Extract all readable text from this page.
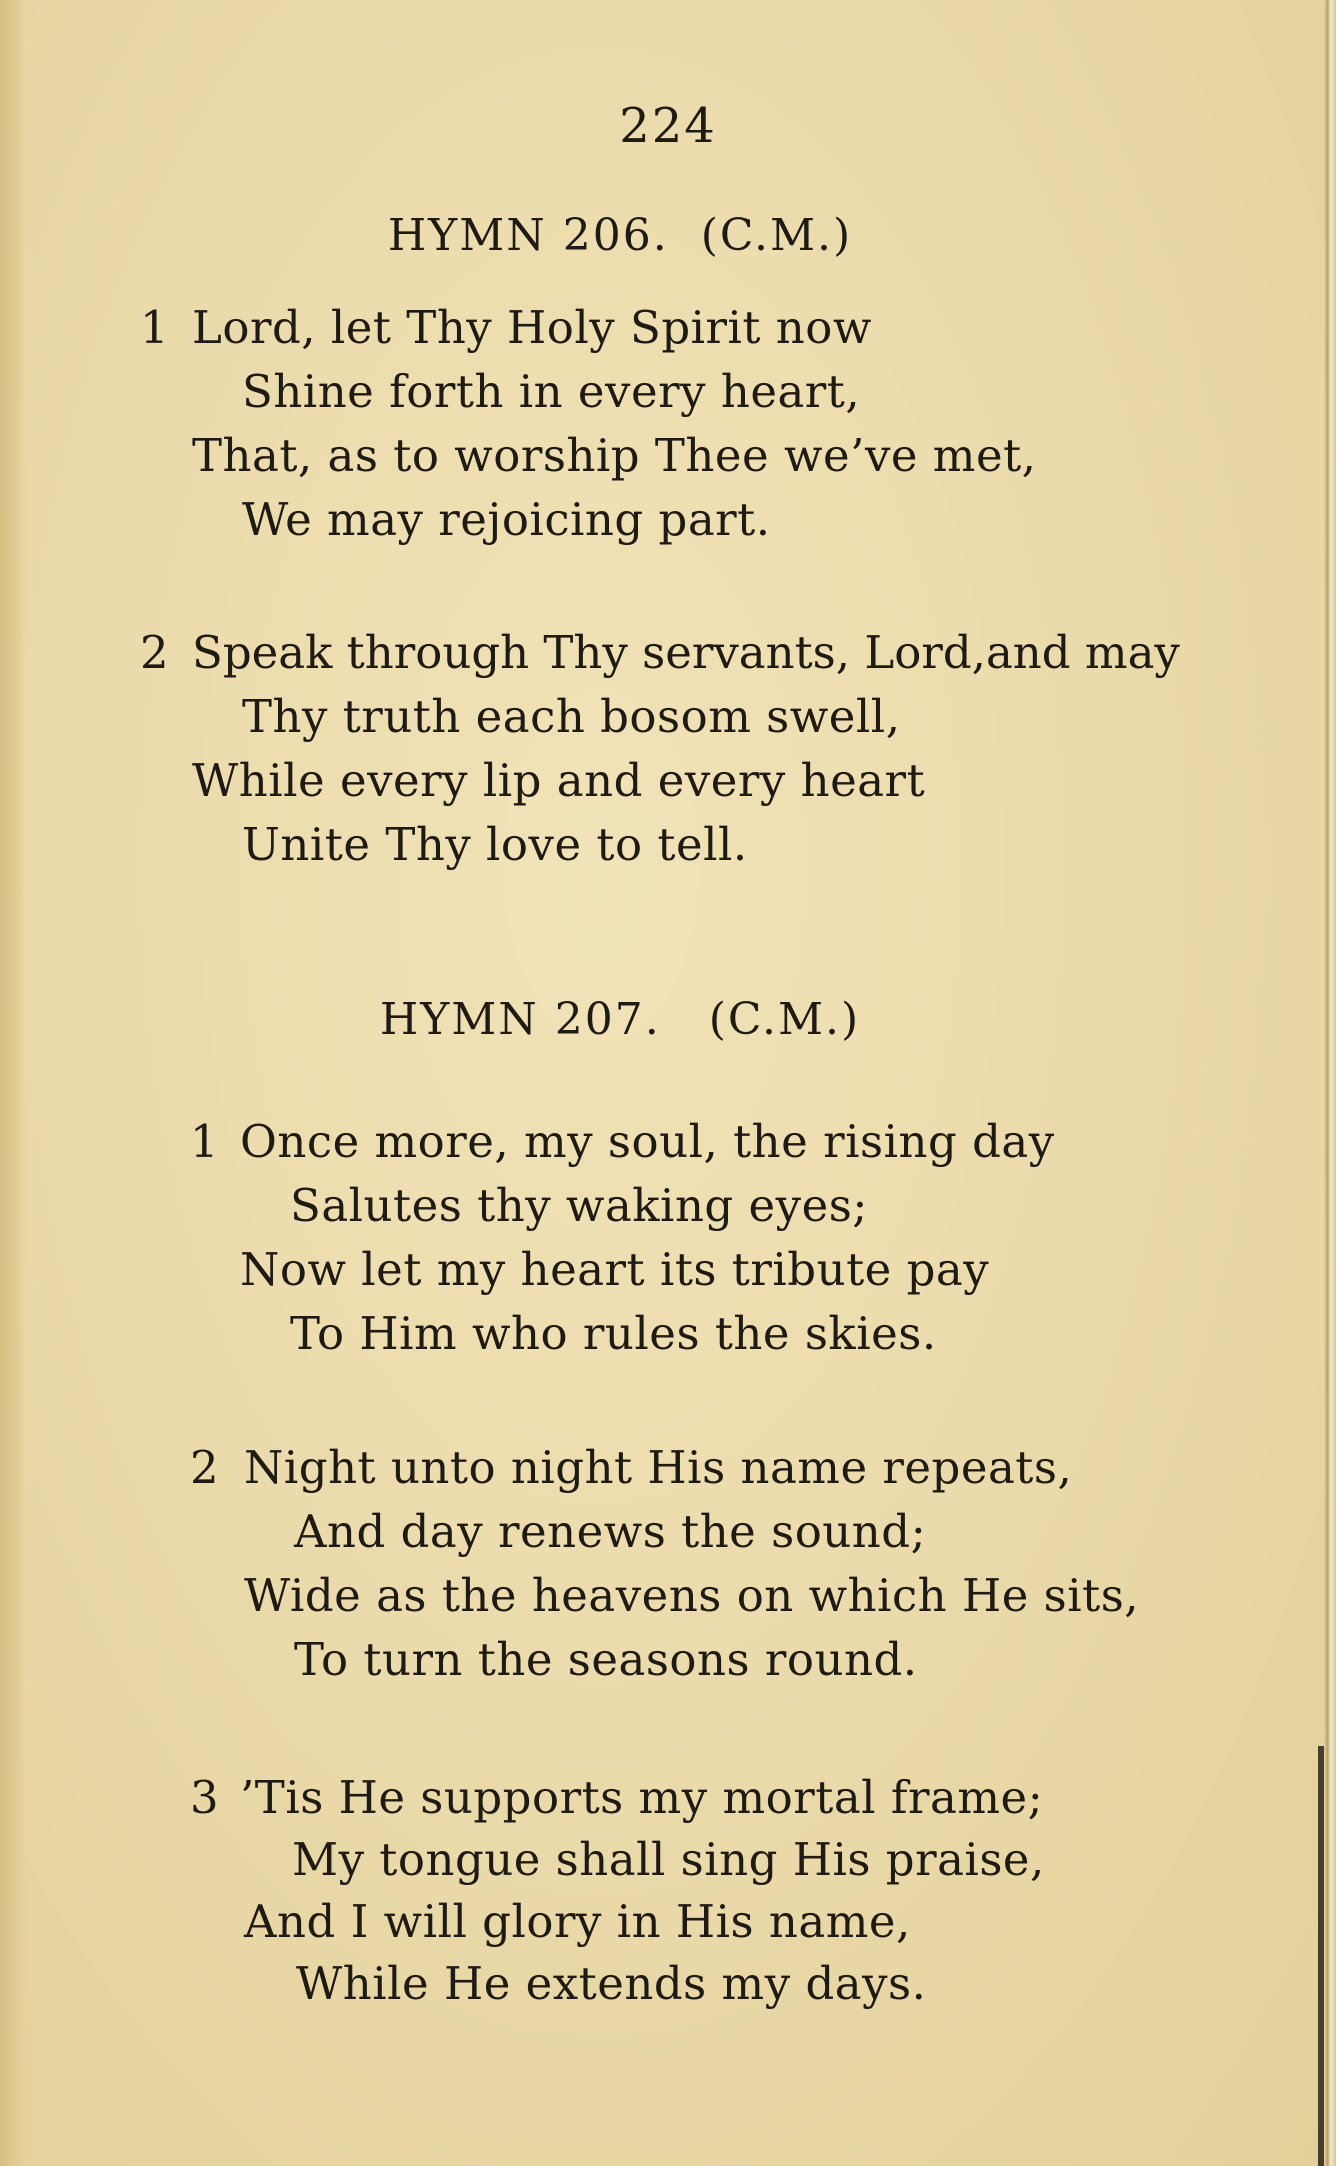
224
HYMN 206.  (C.M.)
1 Lord, let Thy Holy Spirit now
Shine forth in every heart,
That, as to worship Thee we’ve met,
We may rejoicing part.
2 Speak through Thy servants, Lord,and may
Thy truth each bosom swell,
While every lip and every heart
Unite Thy love to tell.
HYMN 207.   (C.M.)
1 Once more, my soul, the rising day
Salutes thy waking eyes;
Now let my heart its tribute pay
To Him who rules the skies.
2 Night unto night His name repeats,
And day renews the sound;
Wide as the heavens on which He sits,
To turn the seasons round.
3 ’Tis He supports my mortal frame;
My tongue shall sing His praise,
And I will glory in His name,
While He extends my days.
